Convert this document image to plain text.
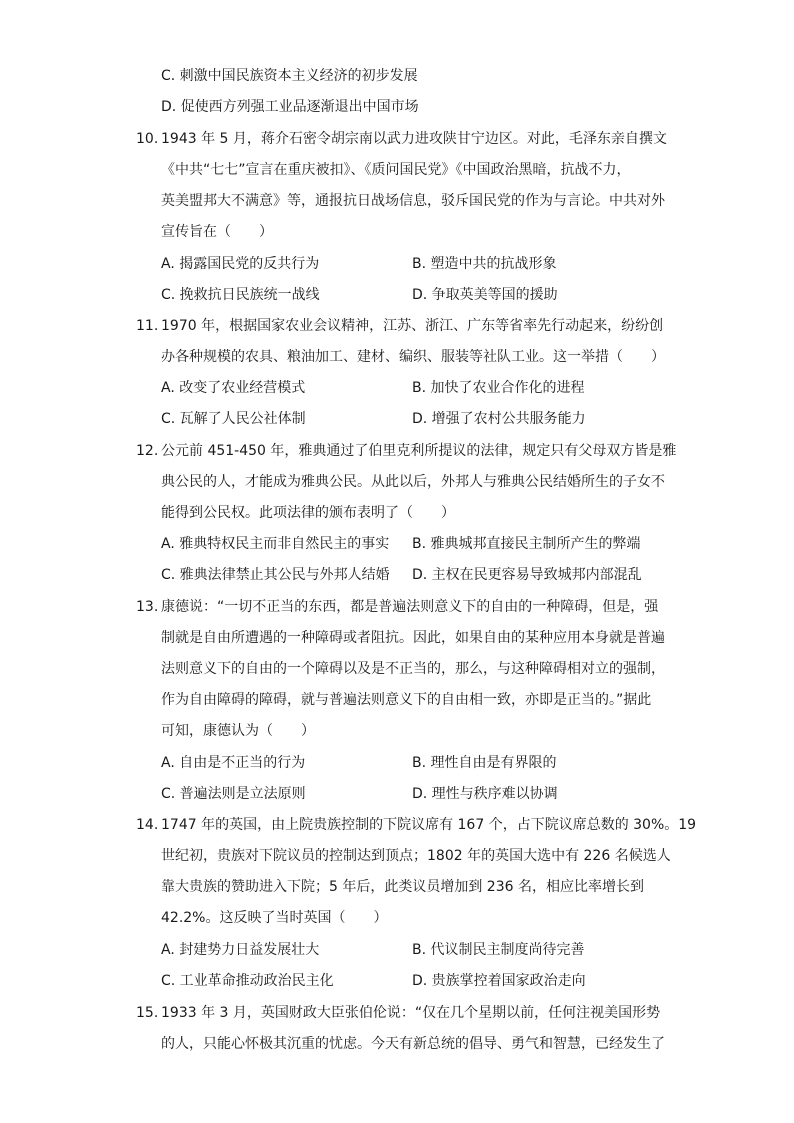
C. 刺激中国民族资本主义经济的初步发展
D. 促使西方列强工业品逐渐退出中国市场
10. 1943 年 5 月，蒋介石密令胡宗南以武力进攻陕甘宁边区。对此，毛泽东亲自撰文
《中共“七七”宣言在重庆被扣》、《质问国民党》《中国政治黑暗，抗战不力，
英美盟邦大不满意》等，通报抗日战场信息，驳斥国民党的作为与言论。中共对外
宣传旨在（　　）
A. 揭露国民党的反共行为	B. 塑造中共的抗战形象
C. 挽救抗日民族统一战线	D. 争取英美等国的援助
11. 1970 年，根据国家农业会议精神，江苏、浙江、广东等省率先行动起来，纷纷创
办各种规模的农具、粮油加工、建材、编织、服装等社队工业。这一举措（　　）
A. 改变了农业经营模式	B. 加快了农业合作化的进程
C. 瓦解了人民公社体制	D. 增强了农村公共服务能力
12. 公元前 451-450 年，雅典通过了伯里克利所提议的法律，规定只有父母双方皆是雅
典公民的人，才能成为雅典公民。从此以后，外邦人与雅典公民结婚所生的子女不
能得到公民权。此项法律的颁布表明了（　　）
A. 雅典特权民主而非自然民主的事实 B. 雅典城邦直接民主制所产生的弊端
C. 雅典法律禁止其公民与外邦人结婚 D. 主权在民更容易导致城邦内部混乱
13. 康德说：“一切不正当的东西，都是普遍法则意义下的自由的一种障碍，但是，强
制就是自由所遭遇的一种障碍或者阻抗。因此，如果自由的某种应用本身就是普遍
法则意义下的自由的一个障碍以及是不正当的，那么，与这种障碍相对立的强制，
作为自由障碍的障碍，就与普遍法则意义下的自由相一致，亦即是正当的。”据此
可知，康德认为（　　）
A. 自由是不正当的行为	B. 理性自由是有界限的
C. 普遍法则是立法原则	D. 理性与秩序难以协调
14. 1747 年的英国，由上院贵族控制的下院议席有 167 个，占下院议席总数的 30%。19
世纪初，贵族对下院议员的控制达到顶点；1802 年的英国大选中有 226 名候选人
靠大贵族的赞助进入下院；5 年后，此类议员增加到 236 名，相应比率增长到
42.2%。这反映了当时英国（　　）
A. 封建势力日益发展壮大	B. 代议制民主制度尚待完善
C. 工业革命推动政治民主化	D. 贵族掌控着国家政治走向
15. 1933 年 3 月，英国财政大臣张伯伦说：“仅在几个星期以前，任何注视美国形势
的人，只能心怀极其沉重的忧虑。今天有新总统的倡导、勇气和智慧，已经发生了
